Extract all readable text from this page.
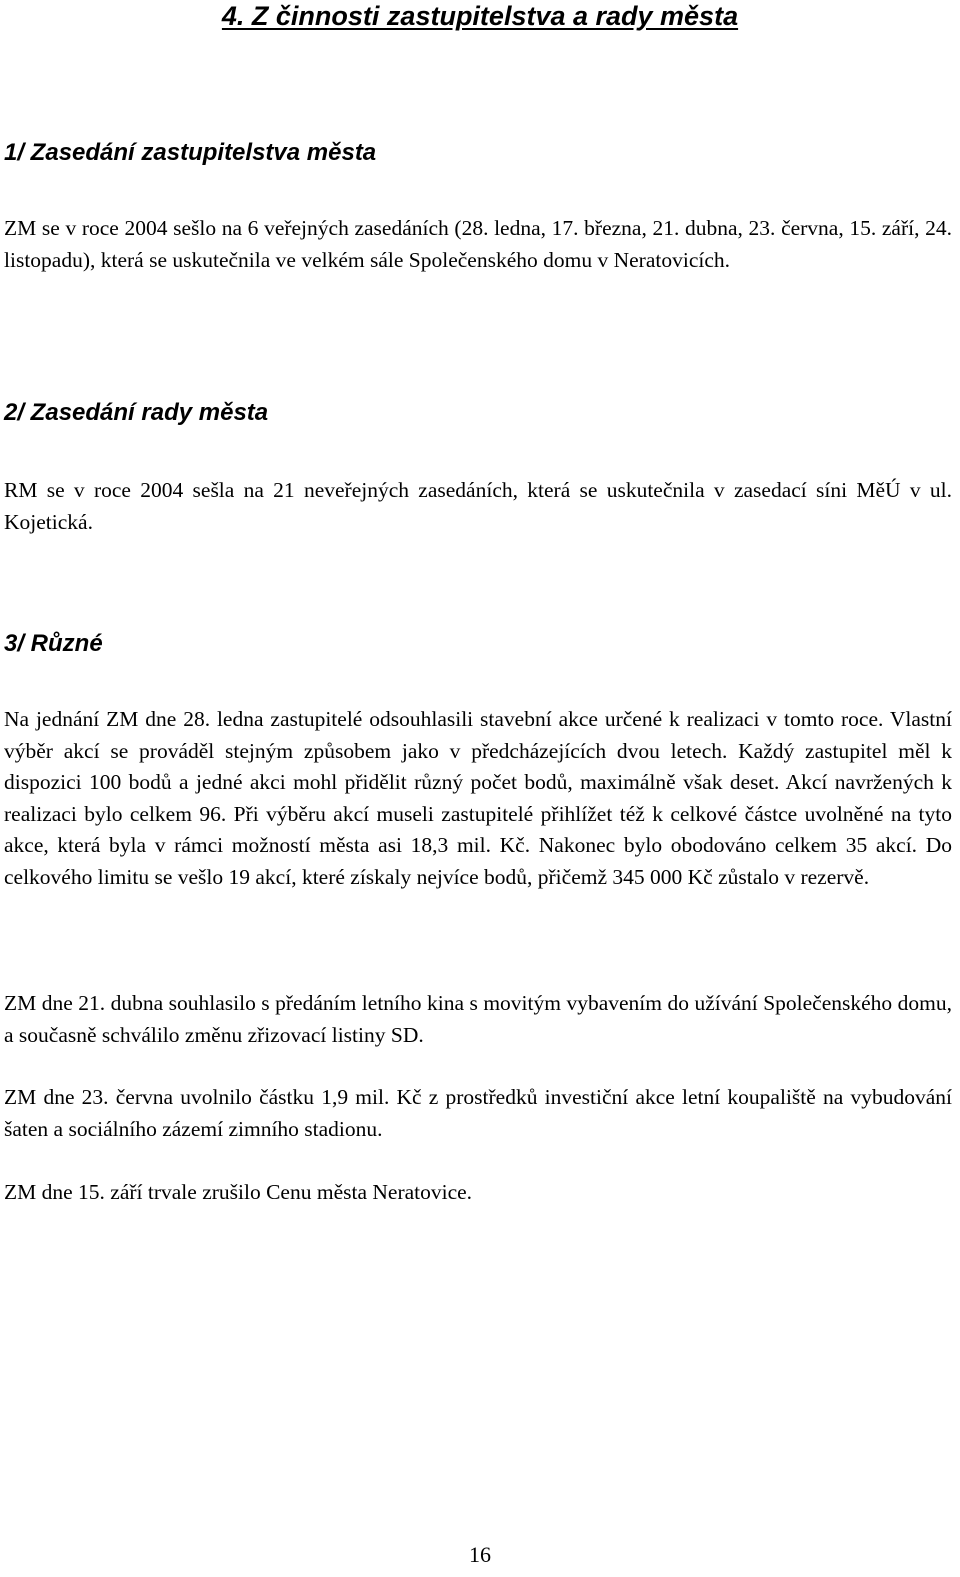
4. Z činnosti zastupitelstva a rady města
1/ Zasedání zastupitelstva města

ZM se v roce 2004 sešlo na 6 veřejných zasedáních (28. ledna, 17. března, 21. dubna, 23. června, 15. září, 24. listopadu), která se uskutečnila ve velkém sále Společenského domu v Neratovicích.

2/ Zasedání rady města

RM se v roce 2004 sešla na 21 neveřejných zasedáních, která se uskutečnila v zasedací síni MěÚ v ul. Kojetická.

3/ Různé

Na jednání ZM dne 28. ledna zastupitelé odsouhlasili stavební akce určené k realizaci v tomto roce. Vlastní výběr akcí se prováděl stejným způsobem jako v předcházejících dvou letech. Každý zastupitel měl k dispozici 100 bodů a jedné akci mohl přidělit různý počet bodů, maximálně však deset. Akcí navržených k realizaci bylo celkem 96. Při výběru akcí museli zastupitelé přihlížet též k celkové částce uvolněné na tyto akce, která byla v rámci možností města asi 18,3 mil. Kč. Nakonec bylo obodováno celkem 35 akcí. Do celkového limitu se vešlo 19 akcí, které získaly nejvíce bodů, přičemž 345 000 Kč zůstalo v rezervě.

ZM dne 21. dubna souhlasilo s předáním letního kina s movitým vybavením do užívání Společenského domu, a současně schválilo změnu zřizovací listiny SD.

ZM dne 23. června uvolnilo částku 1,9 mil. Kč z prostředků investiční akce letní koupaliště na vybudování šaten a sociálního zázemí zimního stadionu.

ZM dne 15. září trvale zrušilo Cenu města Neratovice.

16
